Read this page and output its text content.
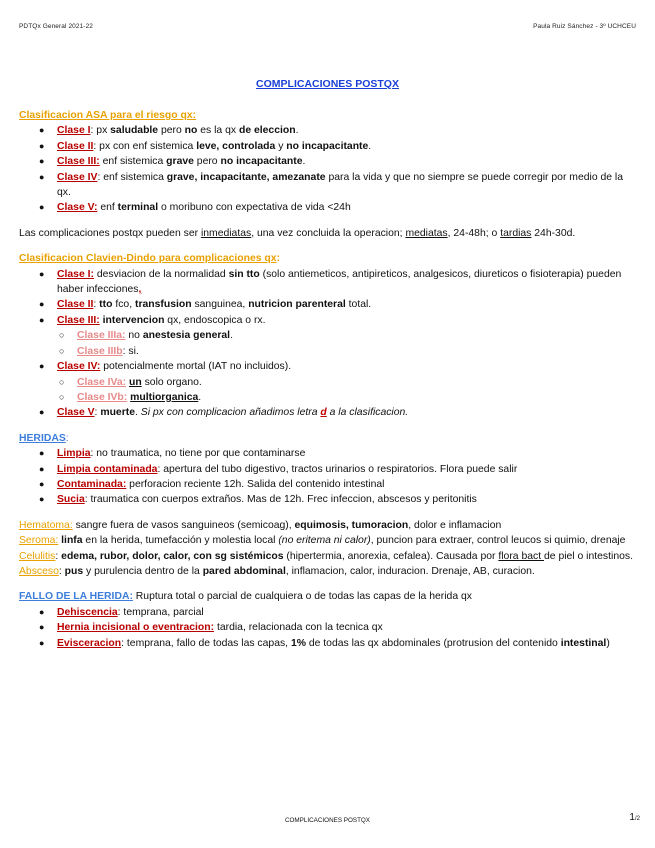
PDTQx General 2021-22	Paula Ruiz Sánchez - 3º UCHCEU
COMPLICACIONES POSTQX
Clasificacion ASA para el riesgo qx:
● Clase I: px saludable pero no es la qx de eleccion.
● Clase II: px con enf sistemica leve, controlada y no incapacitante.
● Clase III: enf sistemica grave pero no incapacitante.
● Clase IV: enf sistemica grave, incapacitante, amezanate para la vida y que no siempre se puede corregir por medio de la qx.
● Clase V: enf terminal o moribuno con expectativa de vida <24h
Las complicaciones postqx pueden ser inmediatas, una vez concluida la operacion; mediatas, 24-48h; o tardias 24h-30d.
Clasificacion Clavien-Dindo para complicaciones qx:
● Clase I: desviacion de la normalidad sin tto (solo antiemeticos, antipireticos, analgesicos, diureticos o fisioterapia) pueden haber infecciones,
● Clase II: tto fco, transfusion sanguinea, nutricion parenteral total.
● Clase III: intervencion qx, endoscopica o rx.
○ Clase IIIa: no anestesia general.
○ Clase IIIb: si.
● Clase IV: potencialmente mortal (IAT no incluidos).
○ Clase IVa: un solo organo.
○ Clase IVb: multiorganica.
● Clase V: muerte. Si px con complicacion añadimos letra d a la clasificacion.
HERIDAS:
● Limpia: no traumatica, no tiene por que contaminarse
● Limpia contaminada: apertura del tubo digestivo, tractos urinarios o respiratorios. Flora puede salir
● Contaminada: perforacion reciente 12h. Salida del contenido intestinal
● Sucia: traumatica con cuerpos extraños. Mas de 12h. Frec infeccion, abscesos y peritonitis
Hematoma: sangre fuera de vasos sanguineos (semicoag), equimosis, tumoracion, dolor e inflamacion
Seroma: linfa en la herida, tumefacción y molestia local (no eritema ni calor), puncion para extraer, control leucos si quimio, drenaje
Celulitis: edema, rubor, dolor, calor, con sg sistémicos (hipertermia, anorexia, cefalea). Causada por flora bact de piel o intestinos.
Absceso: pus y purulencia dentro de la pared abdominal, inflamacion, calor, induracion. Drenaje, AB, curacion.
FALLO DE LA HERIDA: Ruptura total o parcial de cualquiera o de todas las capas de la herida qx
● Dehiscencia: temprana, parcial
● Hernia incisional o eventracion: tardia, relacionada con la tecnica qx
● Evisceracion: temprana, fallo de todas las capas, 1% de todas las qx abdominales (protrusion del contenido intestinal)
COMPLICACIONES POSTQX	1/2
